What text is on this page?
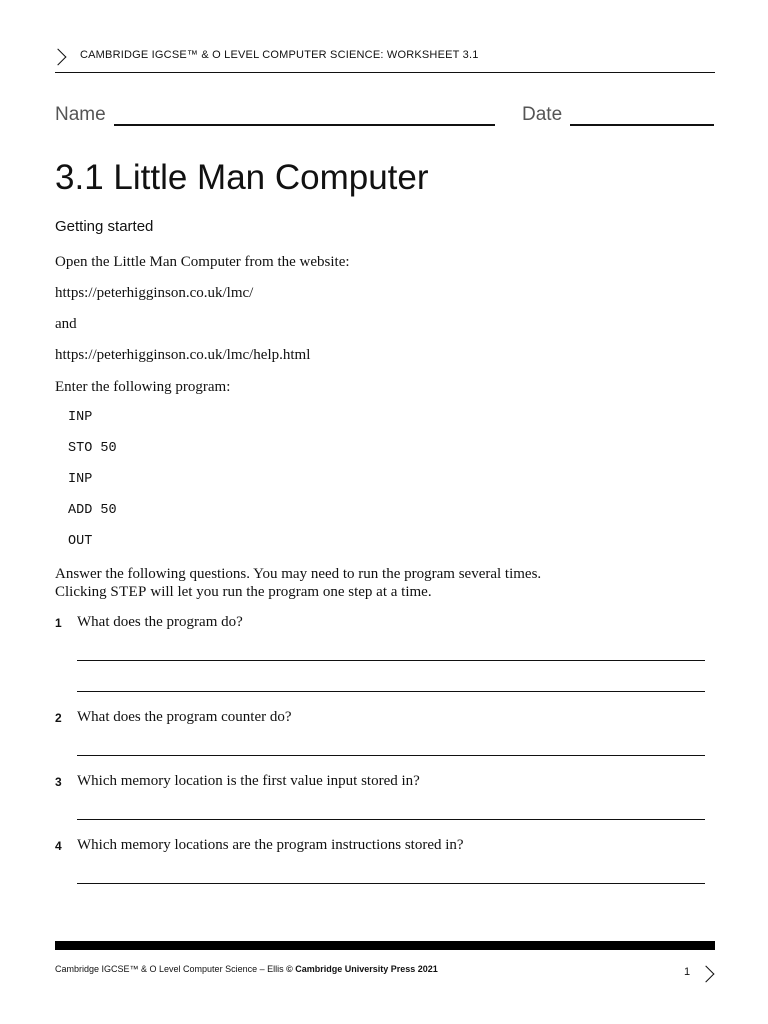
CAMBRIDGE IGCSE™ & O LEVEL COMPUTER SCIENCE: WORKSHEET 3.1
Name	Date
3.1 Little Man Computer
Getting started
Open the Little Man Computer from the website:
https://peterhigginson.co.uk/lmc/
and
https://peterhigginson.co.uk/lmc/help.html
Enter the following program:
INP
STO 50
INP
ADD 50
OUT
Answer the following questions. You may need to run the program several times.
Clicking STEP will let you run the program one step at a time.
1 What does the program do?
2 What does the program counter do?
3 Which memory location is the first value input stored in?
4 Which memory locations are the program instructions stored in?
Cambridge IGCSE™ & O Level Computer Science – Ellis © Cambridge University Press 2021	1
